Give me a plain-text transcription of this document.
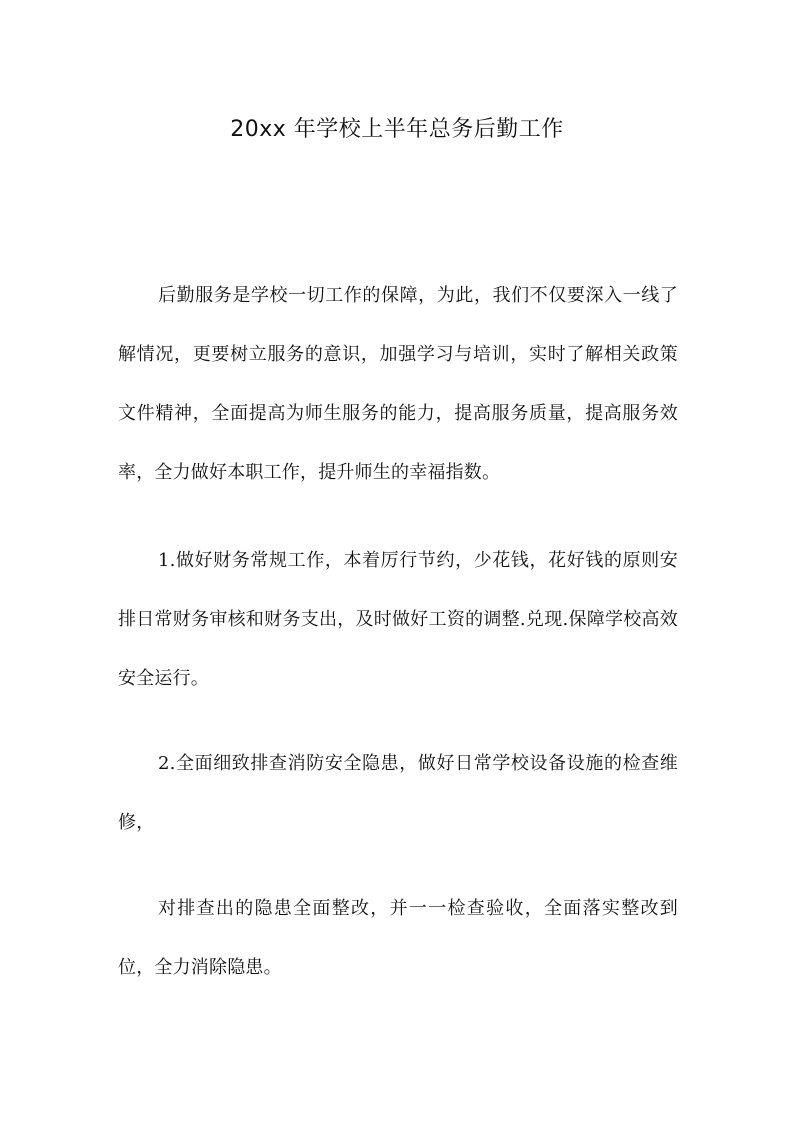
20xx 年学校上半年总务后勤工作

后勤服务是学校一切工作的保障，为此，我们不仅要深入一线了解情况，更要树立服务的意识，加强学习与培训，实时了解相关政策文件精神，全面提高为师生服务的能力，提高服务质量，提高服务效率，全力做好本职工作，提升师生的幸福指数。

1.做好财务常规工作，本着厉行节约，少花钱，花好钱的原则安排日常财务审核和财务支出，及时做好工资的调整.兑现.保障学校高效安全运行。

2.全面细致排查消防安全隐患，做好日常学校设备设施的检查维修，

对排查出的隐患全面整改，并一一检查验收，全面落实整改到位，全力消除隐患。
